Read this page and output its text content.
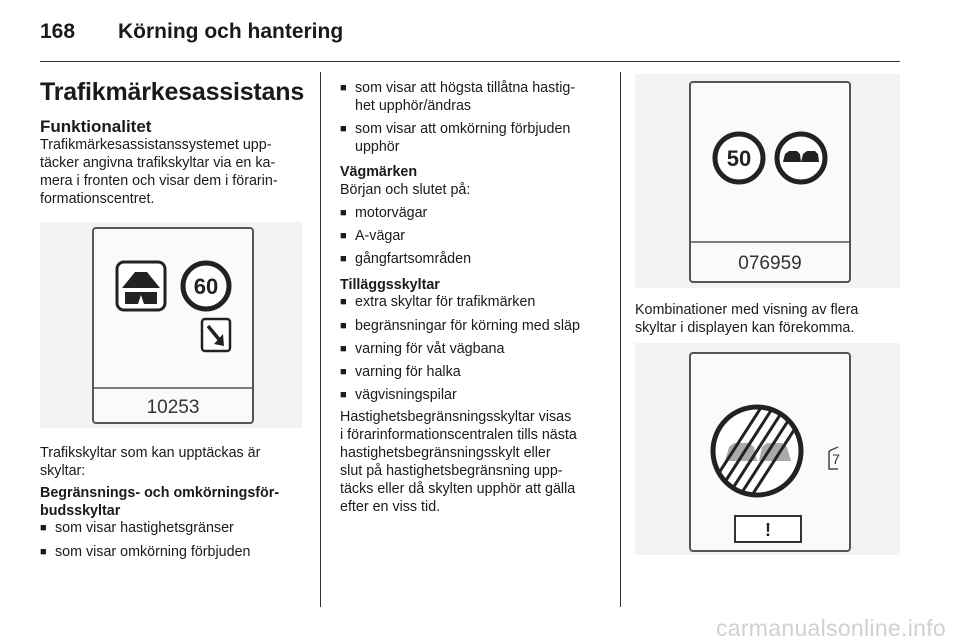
168 Körning och hantering
Trafikmärkesassistans
Funktionalitet
Trafikmärkesassistanssystemet upp-
täcker angivna trafikskyltar via en ka-
mera i fronten och visar dem i förarin-
formationscentret.
60
10253
Trafikskyltar som kan upptäckas är
skyltar:
Begränsnings- och omkörningsför-
budsskyltar
■ som visar hastighetsgränser
■ som visar omkörning förbjuden
■ som visar att högsta tillåtna hastig-
het upphör/ändras
■ som visar att omkörning förbjuden
upphör
Vägmärken
Början och slutet på:
■ motorvägar
■ A-vägar
■ gångfartsområden
Tilläggsskyltar
■ extra skyltar för trafikmärken
■ begränsningar för körning med släp
■ varning för våt vägbana
■ varning för halka
■ vägvisningspilar
Hastighetsbegränsningsskyltar visas
i förarinformationscentralen tills nästa
hastighetsbegränsningsskylt eller
slut på hastighetsbegränsning upp-
täcks eller då skylten upphör att gälla
efter en viss tid.
50
076959
Kombinationer med visning av flera
skyltar i displayen kan förekomma.
7
!
carmanualsonline.info
